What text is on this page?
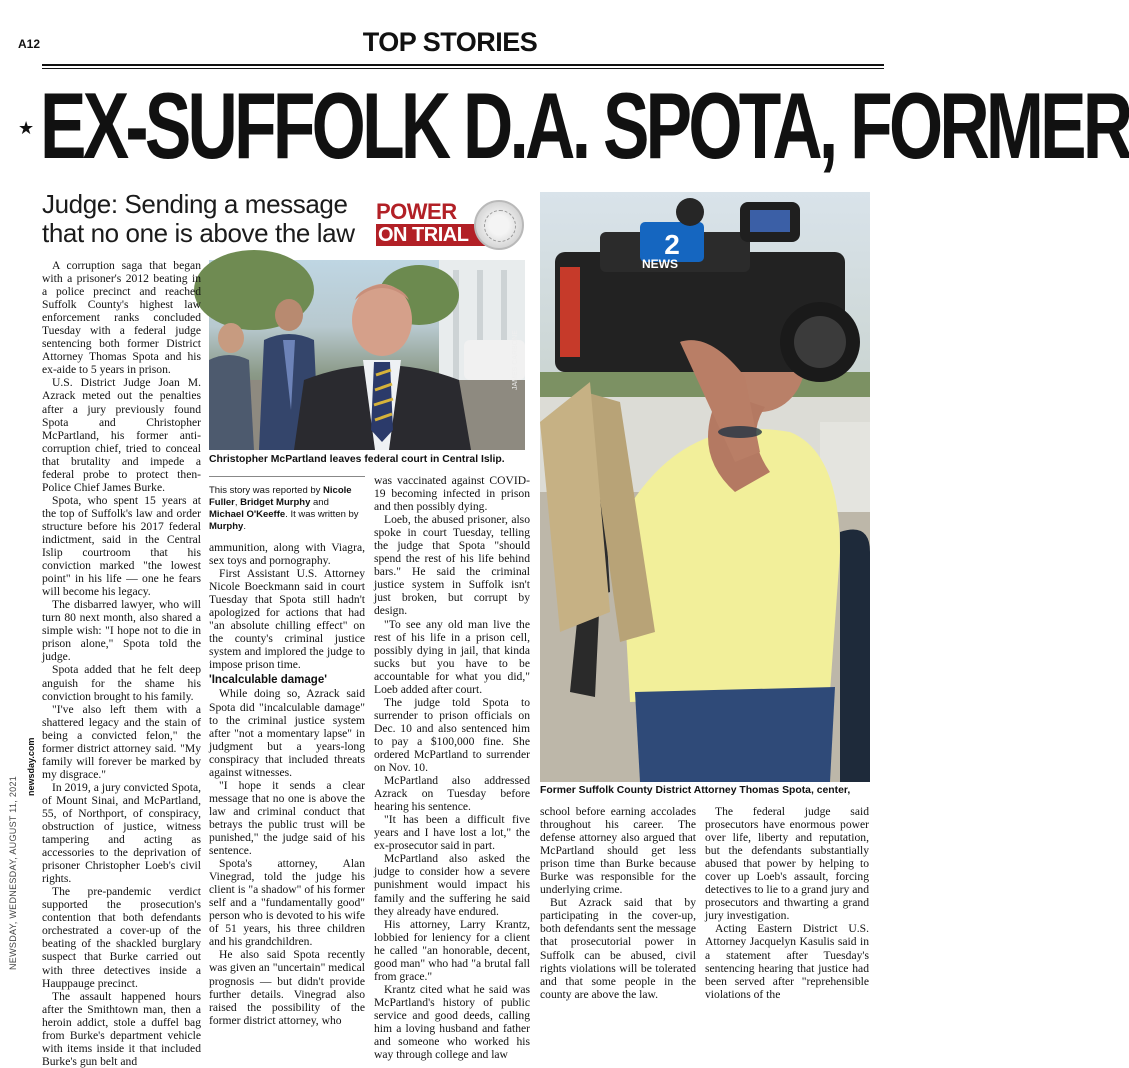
A12	TOP STORIES
★ EX-SUFFOLK D.A. SPOTA, FORMER
Judge: Sending a message that no one is above the law
POWER
ON TRIAL
JAMES CARBONE
Christopher McPartland leaves federal court in Central Islip.
2
NEWS
Former Suffolk County District Attorney Thomas Spota, center,

A corruption saga that began with a prisoner's 2012 beating in a police precinct and reached Suffolk County's highest law enforcement ranks concluded Tuesday with a federal judge sentencing both former District Attorney Thomas Spota and his ex-aide to 5 years in prison.

U.S. District Judge Joan M. Azrack meted out the penalties after a jury previously found Spota and Christopher McPartland, his former anti-corruption chief, tried to conceal that brutality and impede a federal probe to protect then-Police Chief James Burke.

Spota, who spent 15 years at the top of Suffolk's law and order structure before his 2017 federal indictment, said in the Central Islip courtroom that his conviction marked "the lowest point" in his life — one he fears will become his legacy.

The disbarred lawyer, who will turn 80 next month, also shared a simple wish: "I hope not to die in prison alone," Spota told the judge.

Spota added that he felt deep anguish for the shame his conviction brought to his family.

"I've also left them with a shattered legacy and the stain of being a convicted felon," the former district attorney said. "My family will forever be marked by my disgrace."

In 2019, a jury convicted Spota, of Mount Sinai, and McPartland, 55, of Northport, of conspiracy, obstruction of justice, witness tampering and acting as accessories to the deprivation of prisoner Christopher Loeb's civil rights.

The pre-pandemic verdict supported the prosecution's contention that both defendants orchestrated a cover-up of the beating of the shackled burglary suspect that Burke carried out with three detectives inside a Hauppauge precinct.

The assault happened hours after the Smithtown man, then a heroin addict, stole a duffel bag from Burke's department vehicle with items inside it that included Burke's gun belt and

This story was reported by Nicole Fuller, Bridget Murphy and Michael O'Keeffe. It was written by Murphy.
ammunition, along with Viagra, sex toys and pornography.

First Assistant U.S. Attorney Nicole Boeckmann said in court Tuesday that Spota still hadn't apologized for actions that had "an absolute chilling effect" on the county's criminal justice system and implored the judge to impose prison time.

'Incalculable damage'

While doing so, Azrack said Spota did "incalculable damage" to the criminal justice system after "not a momentary lapse" in judgment but a years-long conspiracy that included threats against witnesses.

"I hope it sends a clear message that no one is above the law and criminal conduct that betrays the public trust will be punished," the judge said of his sentence.

Spota's attorney, Alan Vinegrad, told the judge his client is "a shadow" of his former self and a "fundamentally good" person who is devoted to his wife of 51 years, his three children and his grandchildren.

He also said Spota recently was given an "uncertain" medical prognosis — but didn't provide further details. Vinegrad also raised the possibility of the former district attorney, who

was vaccinated against COVID-19 becoming infected in prison and then possibly dying.

Loeb, the abused prisoner, also spoke in court Tuesday, telling the judge that Spota "should spend the rest of his life behind bars." He said the criminal justice system in Suffolk isn't just broken, but corrupt by design.

"To see any old man live the rest of his life in a prison cell, possibly dying in jail, that kinda sucks but you have to be accountable for what you did," Loeb added after court.

The judge told Spota to surrender to prison officials on Dec. 10 and also sentenced him to pay a $100,000 fine. She ordered McPartland to surrender on Nov. 10.

McPartland also addressed Azrack on Tuesday before hearing his sentence.

"It has been a difficult five years and I have lost a lot," the ex-prosecutor said in part.

McPartland also asked the judge to consider how a severe punishment would impact his family and the suffering he said they already have endured.

His attorney, Larry Krantz, lobbied for leniency for a client he called "an honorable, decent, good man" who had "a brutal fall from grace."

Krantz cited what he said was McPartland's history of public service and good deeds, calling him a loving husband and father and someone who worked his way through college and law

school before earning accolades throughout his career. The defense attorney also argued that McPartland should get less prison time than Burke because Burke was responsible for the underlying crime.

But Azrack said that by participating in the cover-up, both defendants sent the message that prosecutorial power in Suffolk can be abused, civil rights violations will be tolerated and that some people in the county are above the law.

The federal judge said prosecutors have enormous power over life, liberty and reputation, but the defendants substantially abused that power by helping to cover up Loeb's assault, forcing detectives to lie to a grand jury and prosecutors and thwarting a grand jury investigation.

Acting Eastern District U.S. Attorney Jacquelyn Kasulis said in a statement after Tuesday's sentencing hearing that justice had been served after "reprehensible violations of the

NEWSDAY, WEDNESDAY, AUGUST 11, 2021
newsday.com
